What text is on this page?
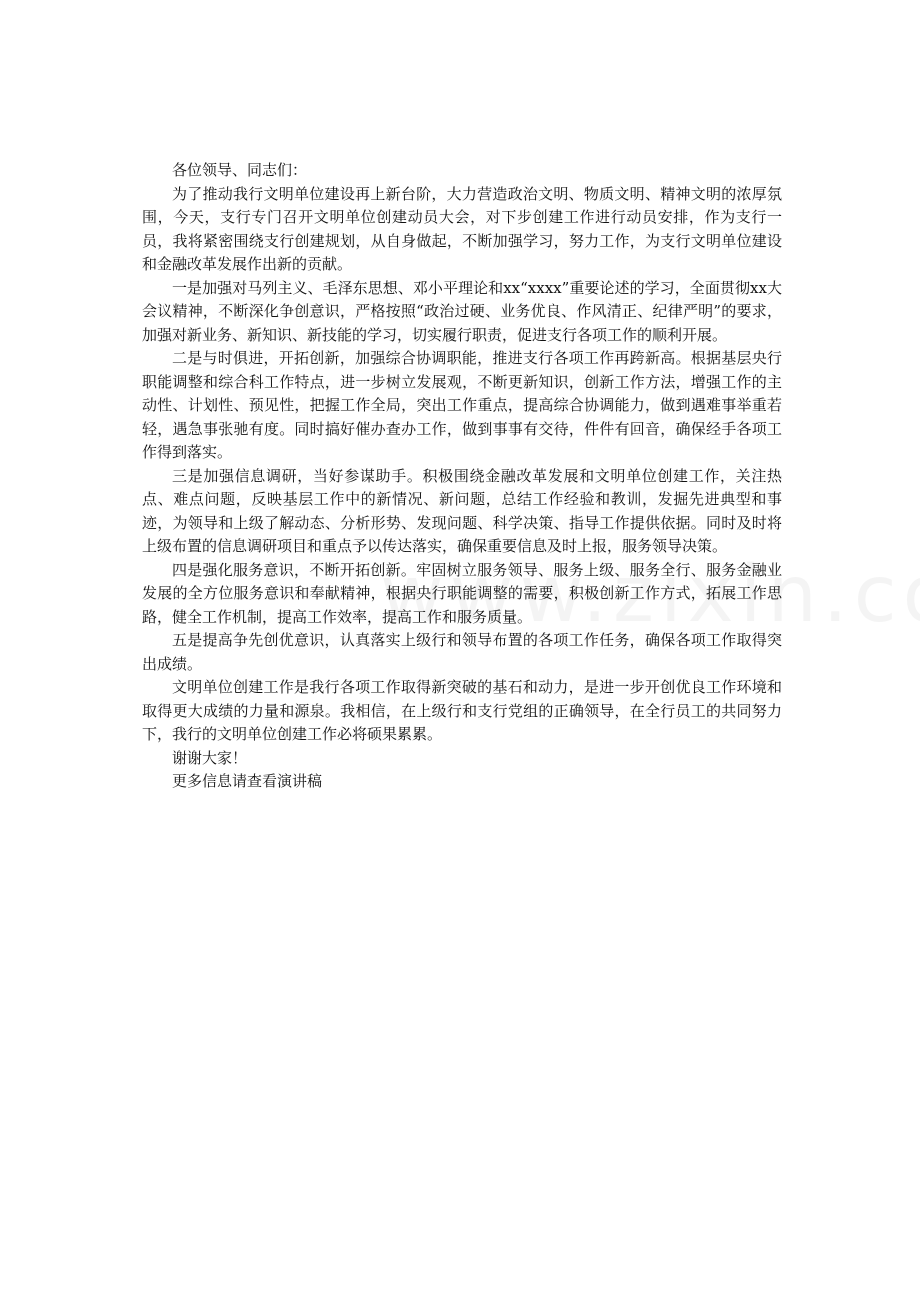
各位领导、同志们：

为了推动我行文明单位建设再上新台阶，大力营造政治文明、物质文明、精神文明的浓厚氛围，今天，支行专门召开文明单位创建动员大会，对下步创建工作进行动员安排，作为支行一员，我将紧密围绕支行创建规划，从自身做起，不断加强学习，努力工作，为支行文明单位建设和金融改革发展作出新的贡献。

一是加强对马列主义、毛泽东思想、邓小平理论和xx“xxxx”重要论述的学习，全面贯彻xx大会议精神，不断深化争创意识，严格按照“政治过硬、业务优良、作风清正、纪律严明”的要求，加强对新业务、新知识、新技能的学习，切实履行职责，促进支行各项工作的顺利开展。

二是与时俱进，开拓创新，加强综合协调职能，推进支行各项工作再跨新高。根据基层央行职能调整和综合科工作特点，进一步树立发展观，不断更新知识，创新工作方法，增强工作的主动性、计划性、预见性，把握工作全局，突出工作重点，提高综合协调能力，做到遇难事举重若轻，遇急事张驰有度。同时搞好催办查办工作，做到事事有交待，件件有回音，确保经手各项工作得到落实。

三是加强信息调研，当好参谋助手。积极围绕金融改革发展和文明单位创建工作，关注热点、难点问题，反映基层工作中的新情况、新问题，总结工作经验和教训，发掘先进典型和事迹，为领导和上级了解动态、分析形势、发现问题、科学决策、指导工作提供依据。同时及时将上级布置的信息调研项目和重点予以传达落实，确保重要信息及时上报，服务领导决策。

四是强化服务意识，不断开拓创新。牢固树立服务领导、服务上级、服务全行、服务金融业发展的全方位服务意识和奉献精神，根据央行职能调整的需要，积极创新工作方式，拓展工作思路，健全工作机制，提高工作效率，提高工作和服务质量。

五是提高争先创优意识，认真落实上级行和领导布置的各项工作任务，确保各项工作取得突出成绩。

文明单位创建工作是我行各项工作取得新突破的基石和动力，是进一步开创优良工作环境和取得更大成绩的力量和源泉。我相信，在上级行和支行党组的正确领导，在全行员工的共同努力下，我行的文明单位创建工作必将硕果累累。

谢谢大家！

更多信息请查看演讲稿
